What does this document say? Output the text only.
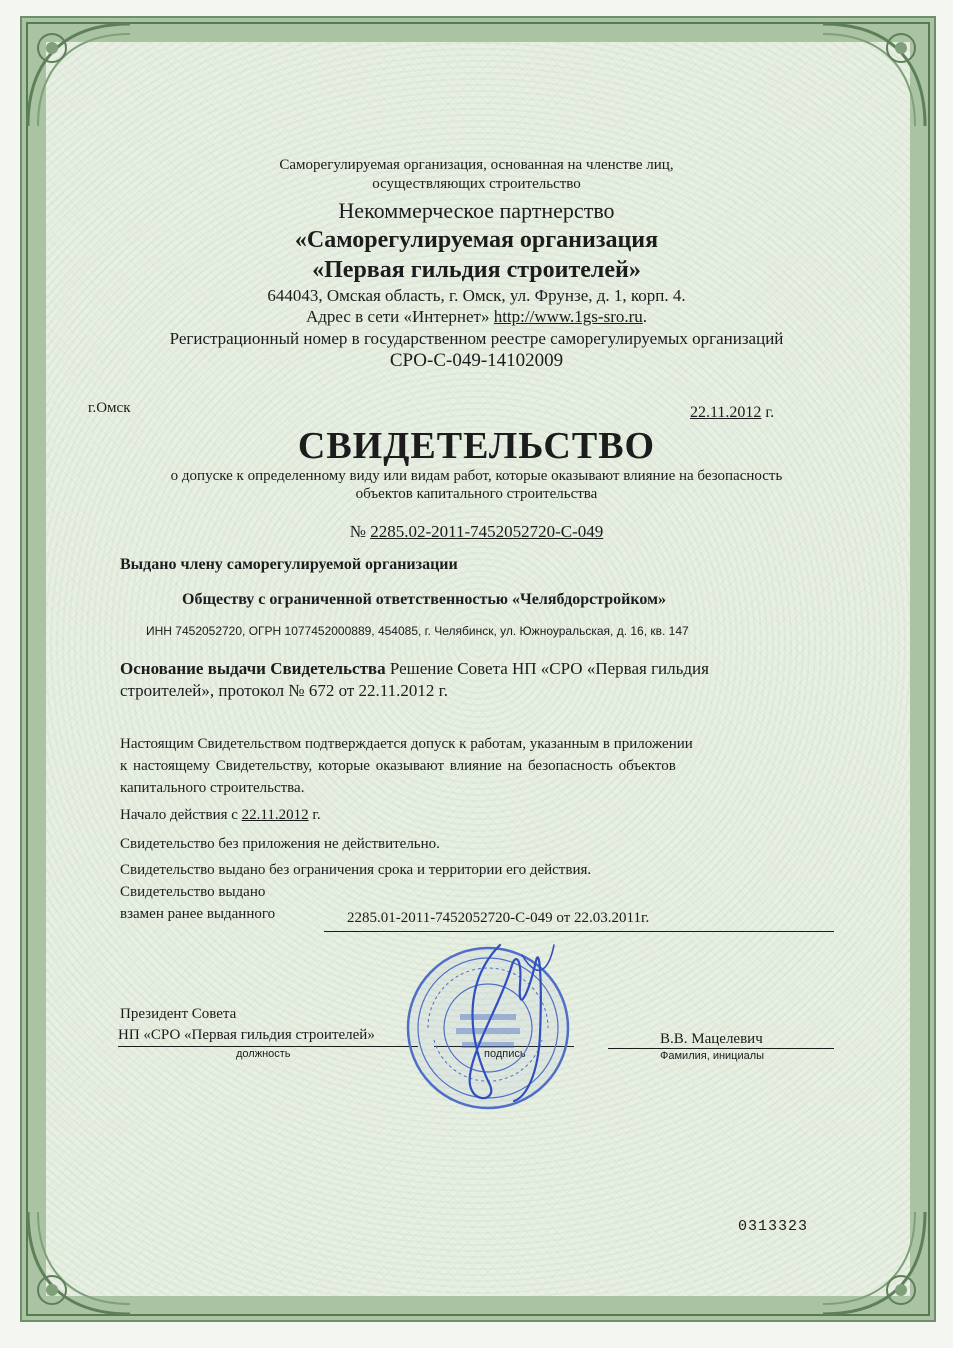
Саморегулируемая организация, основанная на членстве лиц,
осуществляющих строительство
Некоммерческое партнерство
«Саморегулируемая организация
«Первая гильдия строителей»
644043, Омская область, г. Омск, ул. Фрунзе, д. 1, корп. 4.
Адрес в сети «Интернет» http://www.1gs-sro.ru.
Регистрационный номер в государственном реестре саморегулируемых организаций
СРО-С-049-14102009
г.Омск	22.11.2012 г.
СВИДЕТЕЛЬСТВО
о допуске к определенному виду или видам работ, которые оказывают влияние на безопасность
объектов капитального строительства
№ 2285.02-2011-7452052720-С-049
Выдано члену саморегулируемой организации
Обществу с ограниченной ответственностью «Челябдорстройком»
ИНН 7452052720, ОГРН 1077452000889, 454085, г. Челябинск, ул. Южноуральская, д. 16, кв. 147
Основание выдачи Свидетельства Решение Совета НП «СРО «Первая гильдия
строителей», протокол № 672 от 22.11.2012 г.
Настоящим Свидетельством подтверждается допуск к работам, указанным в приложении
к настоящему Свидетельству, которые оказывают влияние на безопасность объектов
капитального строительства.
Начало действия с 22.11.2012 г.
Свидетельство без приложения не действительно.
Свидетельство выдано без ограничения срока и территории его действия.
Свидетельство выдано
взамен ранее выданного	2285.01-2011-7452052720-С-049 от 22.03.2011г.
Президент Совета
НП «СРО «Первая гильдия строителей»	В.В. Мацелевич
должность	Фамилия, инициалы
0313323
